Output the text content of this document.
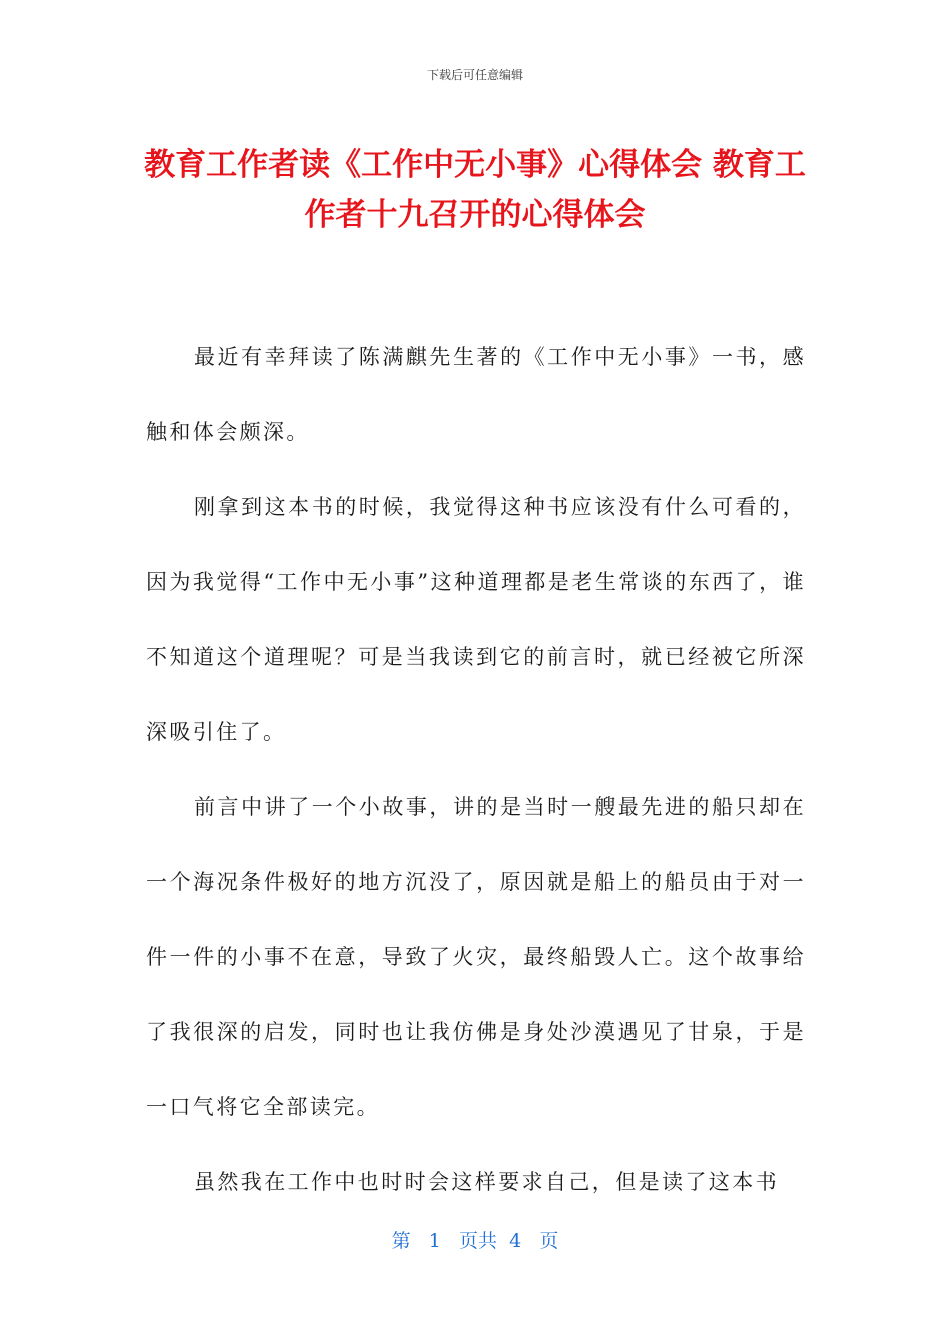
下载后可任意编辑
教育工作者读《工作中无小事》心得体会 教育工作者十九召开的心得体会

最近有幸拜读了陈满麒先生著的《工作中无小事》一书，感触和体会颇深。

刚拿到这本书的时候，我觉得这种书应该没有什么可看的，因为我觉得“工作中无小事”这种道理都是老生常谈的东西了，谁不知道这个道理呢？可是当我读到它的前言时，就已经被它所深深吸引住了。

前言中讲了一个小故事，讲的是当时一艘最先进的船只却在一个海况条件极好的地方沉没了，原因就是船上的船员由于对一件一件的小事不在意，导致了火灾，最终船毁人亡。这个故事给了我很深的启发，同时也让我仿佛是身处沙漠遇见了甘泉，于是一口气将它全部读完。

虽然我在工作中也时时会这样要求自己，但是读了这本书

第 1 页共 4 页
